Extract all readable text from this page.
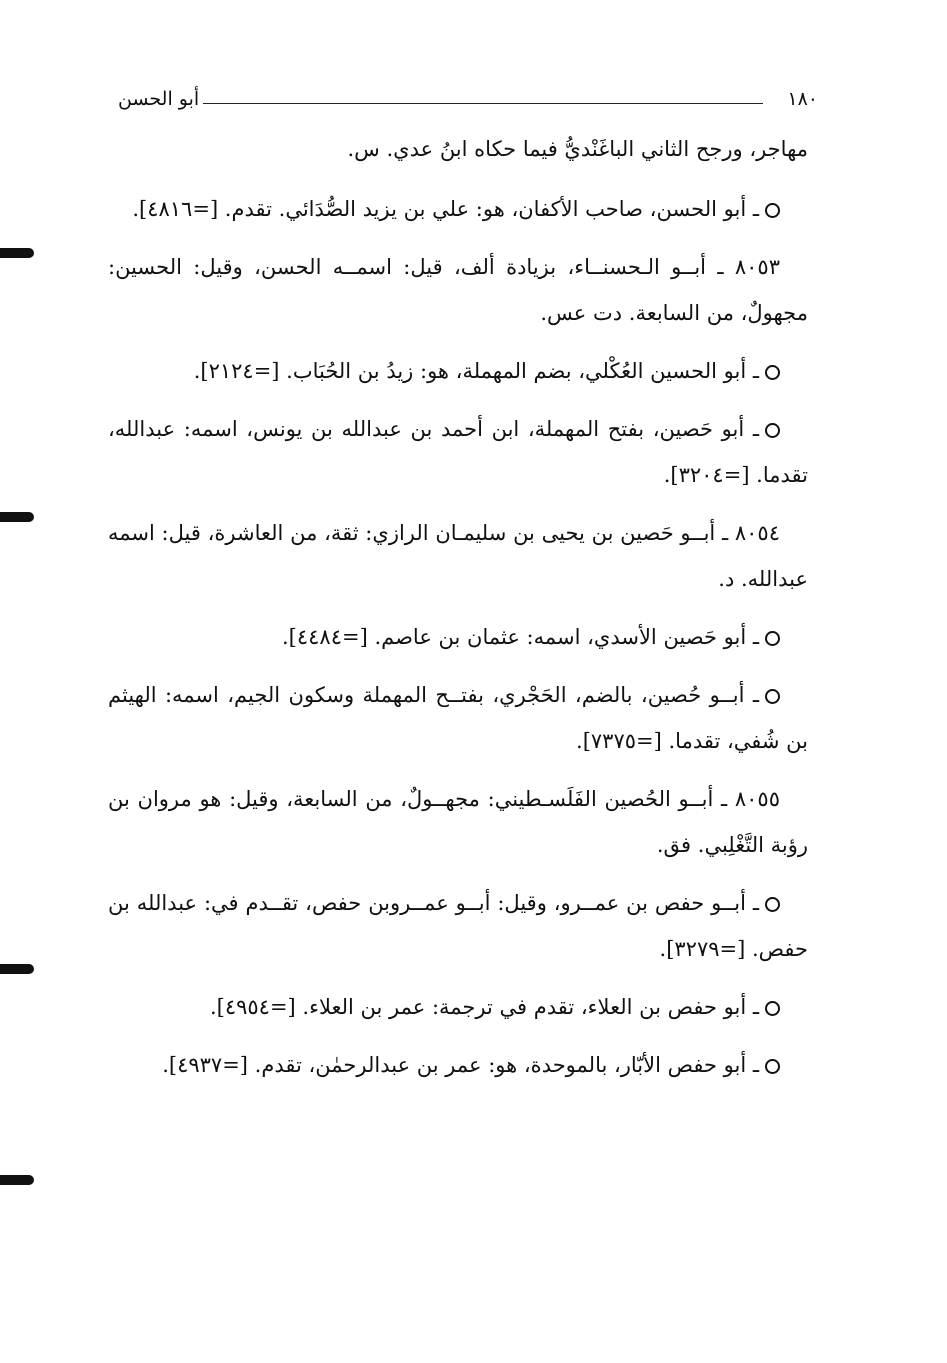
١٨٠
أبو الحسن

مهاجر، ورجح الثاني الباغَنْديُّ فيما حكاه ابنُ عدي. س.

ـ أبو الحسن، صاحب الأكفان، هو: علي بن يزيد الصُّدَائي. تقدم. [=٤٨١٦].

٨٠٥٣ ـ أبــو الـحسنــاء، بزيادة ألف، قيل: اسمــه الحسن، وقيل: الحسين: مجهولٌ، من السابعة. دت عس.

ـ أبو الحسين العُكْلي، بضم المهملة، هو: زيدُ بن الحُبَاب. [=٢١٢٤].

ـ أبو حَصين، بفتح المهملة، ابن أحمد بن عبدالله بن يونس، اسمه: عبدالله، تقدما. [=٣٢٠٤].

٨٠٥٤ ـ أبــو حَصين بن يحيى بن سليمـان الرازي: ثقة، من العاشرة، قيل: اسمه عبدالله. د.

ـ أبو حَصين الأسدي، اسمه: عثمان بن عاصم. [=٤٤٨٤].

ـ أبــو حُصين، بالضم، الحَجْري، بفتــح المهملة وسكون الجيم، اسمه: الهيثم بن شُفي، تقدما. [=٧٣٧٥].

٨٠٥٥ ـ أبــو الحُصين الفَلَسـطيني: مجهــولٌ، من السابعة، وقيل: هو مروان بن رؤبة التَّغْلِبي. فق.

ـ أبــو حفص بن عمــرو، وقيل: أبــو عمــروبن حفص، تقــدم في: عبدالله بن حفص. [=٣٢٧٩].

ـ أبو حفص بن العلاء، تقدم في ترجمة: عمر بن العلاء. [=٤٩٥٤].

ـ أبو حفص الأبّار، بالموحدة، هو: عمر بن عبدالرحمٰن، تقدم. [=٤٩٣٧].
